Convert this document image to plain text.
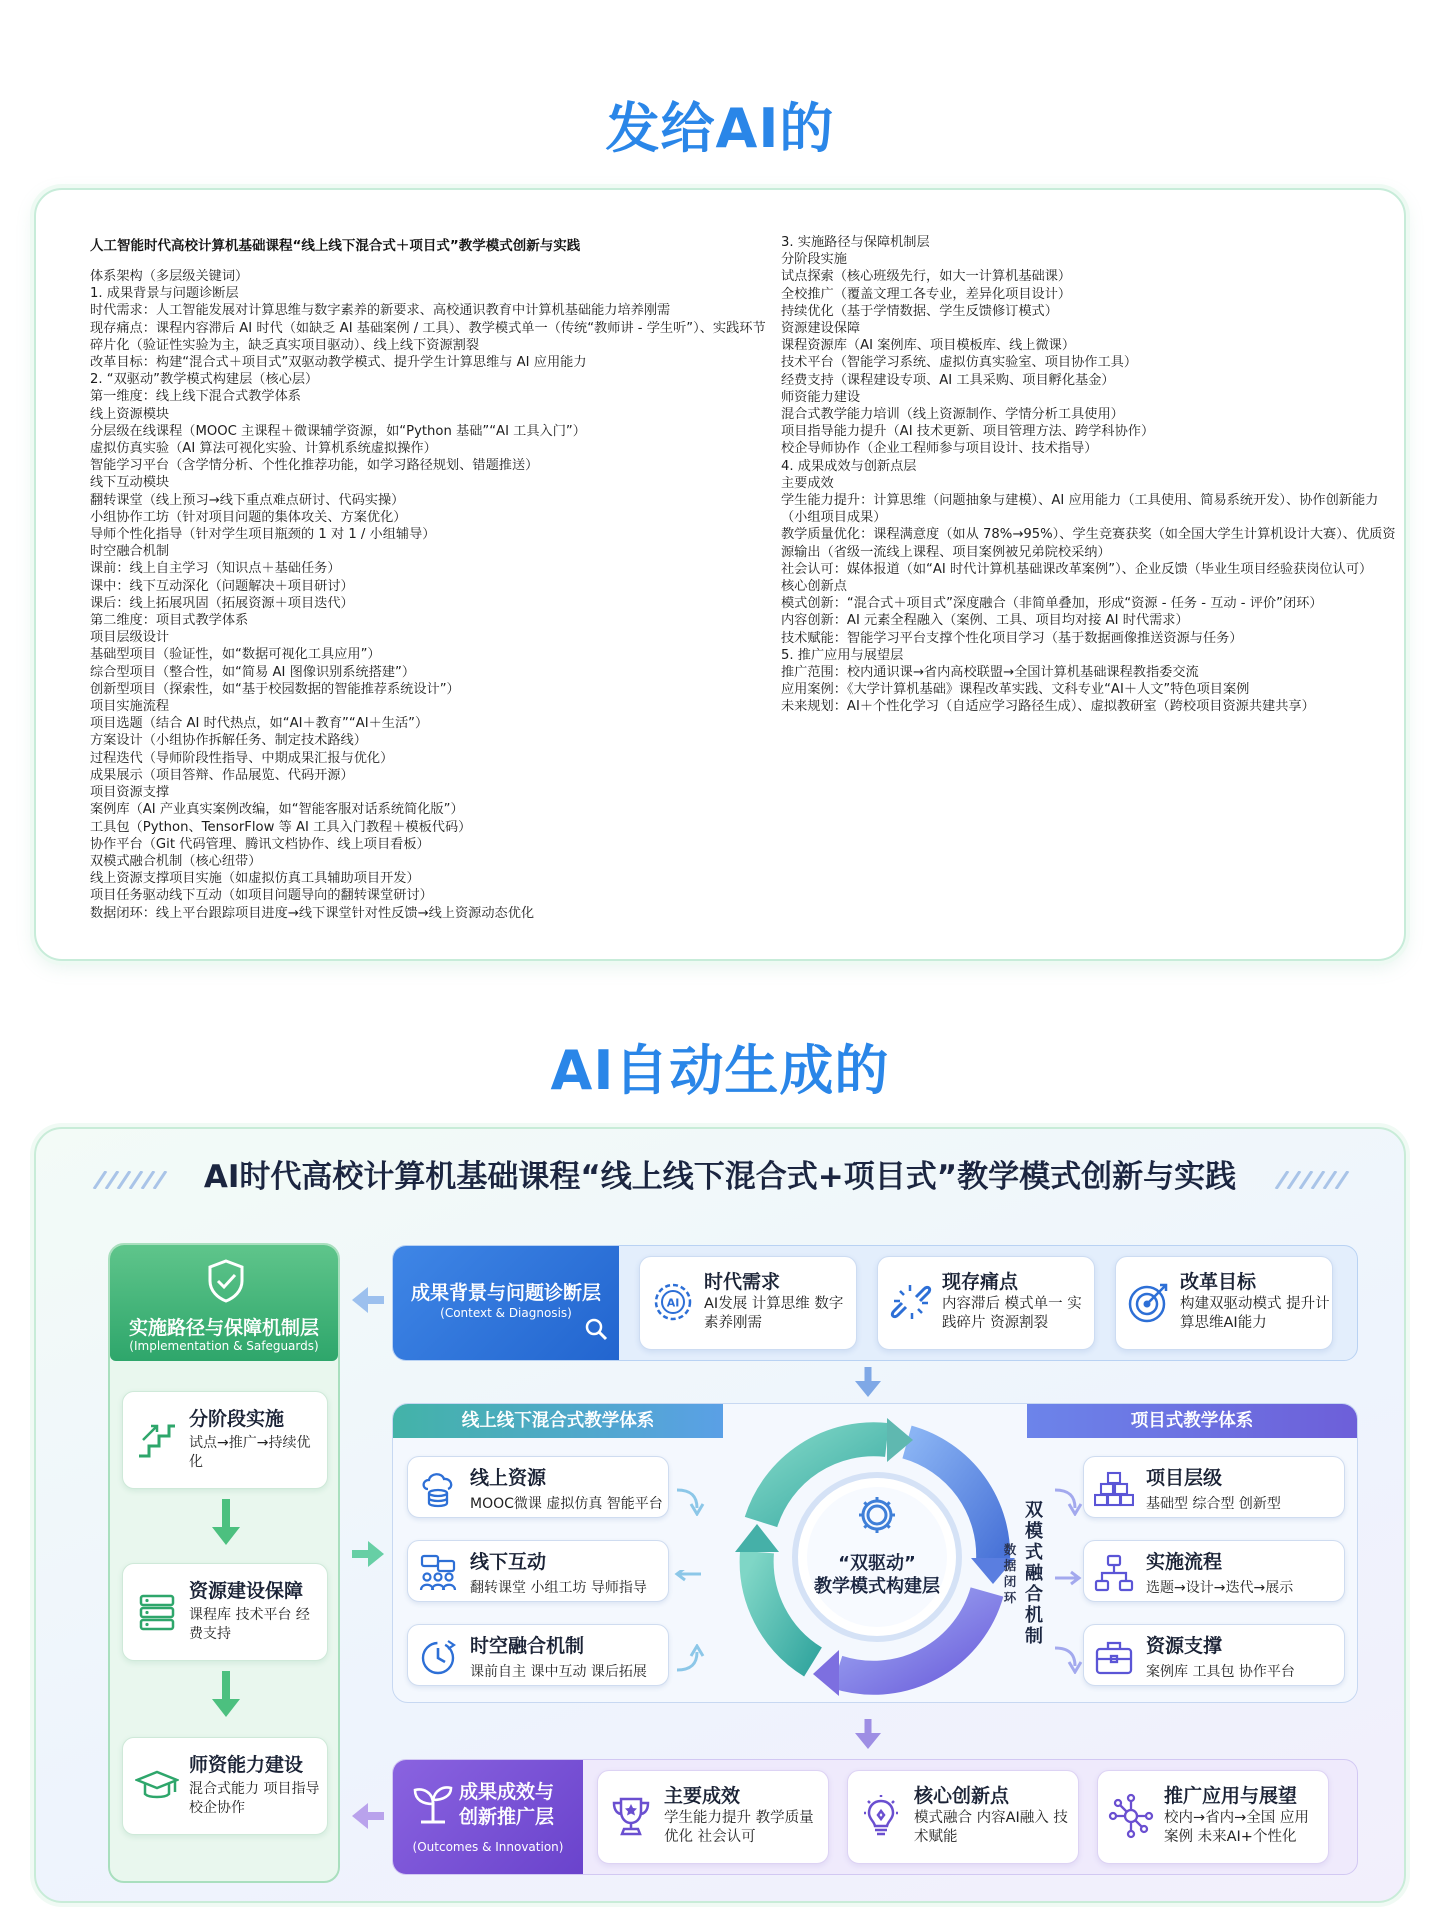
发给AI的
人工智能时代高校计算机基础课程“线上线下混合式＋项目式”教学模式创新与实践
体系架构（多层级关键词）
1. 成果背景与问题诊断层
时代需求：人工智能发展对计算思维与数字素养的新要求、高校通识教育中计算机基础能力培养刚需
现存痛点：课程内容滞后 AI 时代（如缺乏 AI 基础案例 / 工具）、教学模式单一（传统“教师讲 - 学生听”）、实践环节碎片化（验证性实验为主，缺乏真实项目驱动）、线上线下资源割裂
改革目标：构建“混合式＋项目式”双驱动教学模式、提升学生计算思维与 AI 应用能力
2. “双驱动”教学模式构建层（核心层）
第一维度：线上线下混合式教学体系
线上资源模块
分层级在线课程（MOOC 主课程＋微课辅学资源，如“Python 基础”“AI 工具入门”）
虚拟仿真实验（AI 算法可视化实验、计算机系统虚拟操作）
智能学习平台（含学情分析、个性化推荐功能，如学习路径规划、错题推送）
线下互动模块
翻转课堂（线上预习→线下重点难点研讨、代码实操）
小组协作工坊（针对项目问题的集体攻关、方案优化）
导师个性化指导（针对学生项目瓶颈的 1 对 1 / 小组辅导）
时空融合机制
课前：线上自主学习（知识点＋基础任务）
课中：线下互动深化（问题解决＋项目研讨）
课后：线上拓展巩固（拓展资源＋项目迭代）
第二维度：项目式教学体系
项目层级设计
基础型项目（验证性，如“数据可视化工具应用”）
综合型项目（整合性，如“简易 AI 图像识别系统搭建”）
创新型项目（探索性，如“基于校园数据的智能推荐系统设计”）
项目实施流程
项目选题（结合 AI 时代热点，如“AI＋教育”“AI＋生活”）
方案设计（小组协作拆解任务、制定技术路线）
过程迭代（导师阶段性指导、中期成果汇报与优化）
成果展示（项目答辩、作品展览、代码开源）
项目资源支撑
案例库（AI 产业真实案例改编，如“智能客服对话系统简化版”）
工具包（Python、TensorFlow 等 AI 工具入门教程＋模板代码）
协作平台（Git 代码管理、腾讯文档协作、线上项目看板）
双模式融合机制（核心纽带）
线上资源支撑项目实施（如虚拟仿真工具辅助项目开发）
项目任务驱动线下互动（如项目问题导向的翻转课堂研讨）
数据闭环：线上平台跟踪项目进度→线下课堂针对性反馈→线上资源动态优化
3. 实施路径与保障机制层
分阶段实施
试点探索（核心班级先行，如大一计算机基础课）
全校推广（覆盖文理工各专业，差异化项目设计）
持续优化（基于学情数据、学生反馈修订模式）
资源建设保障
课程资源库（AI 案例库、项目模板库、线上微课）
技术平台（智能学习系统、虚拟仿真实验室、项目协作工具）
经费支持（课程建设专项、AI 工具采购、项目孵化基金）
师资能力建设
混合式教学能力培训（线上资源制作、学情分析工具使用）
项目指导能力提升（AI 技术更新、项目管理方法、跨学科协作）
校企导师协作（企业工程师参与项目设计、技术指导）
4. 成果成效与创新点层
主要成效
学生能力提升：计算思维（问题抽象与建模）、AI 应用能力（工具使用、简易系统开发）、协作创新能力（小组项目成果）
教学质量优化：课程满意度（如从 78%→95%）、学生竞赛获奖（如全国大学生计算机设计大赛）、优质资源输出（省级一流线上课程、项目案例被兄弟院校采纳）
社会认可：媒体报道（如“AI 时代计算机基础课改革案例”）、企业反馈（毕业生项目经验获岗位认可）
核心创新点
模式创新：“混合式＋项目式”深度融合（非简单叠加，形成“资源 - 任务 - 互动 - 评价”闭环）
内容创新：AI 元素全程融入（案例、工具、项目均对接 AI 时代需求）
技术赋能：智能学习平台支撑个性化项目学习（基于数据画像推送资源与任务）
5. 推广应用与展望层
推广范围：校内通识课→省内高校联盟→全国计算机基础课程教指委交流
应用案例：《大学计算机基础》课程改革实践、文科专业“AI＋人文”特色项目案例
未来规划：AI＋个性化学习（自适应学习路径生成）、虚拟教研室（跨校项目资源共建共享）
AI自动生成的
AI时代高校计算机基础课程“线上线下混合式+项目式”教学模式创新与实践
实施路径与保障机制层
(Implementation & Safeguards)
分阶段实施
试点→推广→持续优化
资源建设保障
课程库 技术平台 经费支持
师资能力建设
混合式能力 项目指导 校企协作
成果背景与问题诊断层
(Context & Diagnosis)
AI
时代需求
AI发展 计算思维 数字素养刚需
现存痛点
内容滞后 模式单一 实践碎片 资源割裂
改革目标
构建双驱动模式 提升计算思维AI能力
线上线下混合式教学体系	项目式教学体系
线上资源
MOOC微课 虚拟仿真 智能平台
线下互动
翻转课堂 小组工坊 导师指导
时空融合机制
课前自主 课中互动 课后拓展
项目层级
基础型 综合型 创新型
实施流程
选题→设计→迭代→展示
资源支撑
案例库 工具包 协作平台
“双驱动”
教学模式构建层
双模式融合机制
数据闭环
成果成效与
创新推广层
(Outcomes & Innovation)
主要成效
学生能力提升 教学质量优化 社会认可
核心创新点
模式融合 内容AI融入 技术赋能
推广应用与展望
校内→省内→全国 应用案例 未来AI+个性化
